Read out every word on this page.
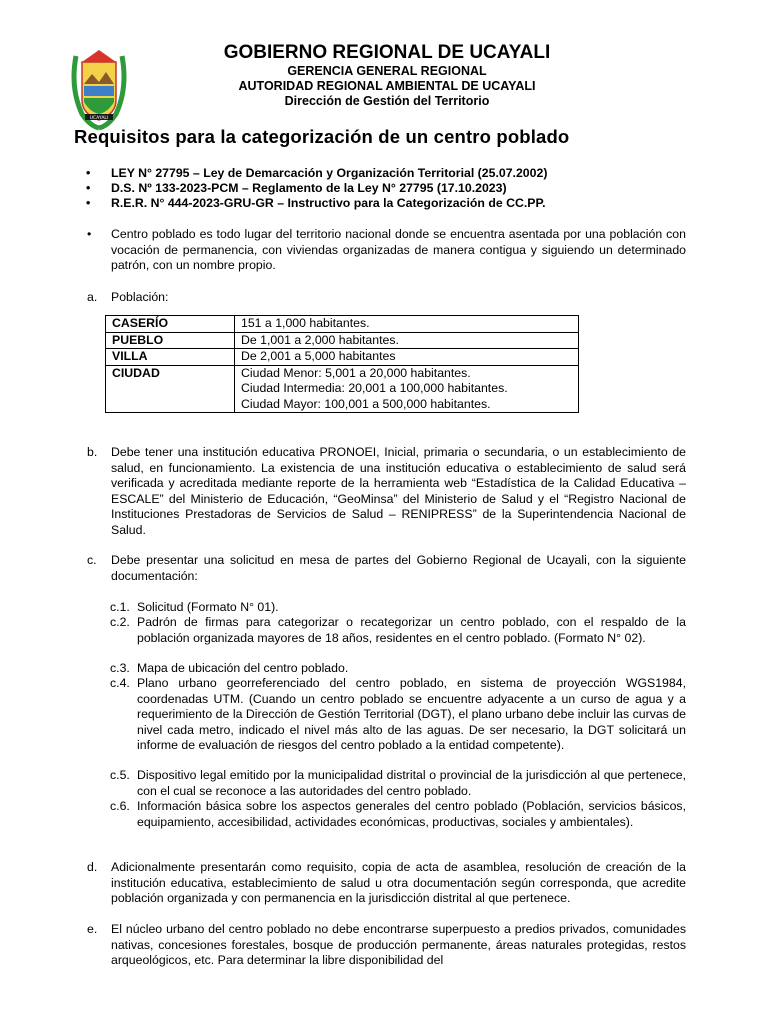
UCAYALI
GOBIERNO REGIONAL DE UCAYALI
GERENCIA GENERAL REGIONAL
AUTORIDAD REGIONAL AMBIENTAL DE UCAYALI
Dirección de Gestión del Territorio
Requisitos para la categorización de un centro poblado
• LEY N° 27795 – Ley de Demarcación y Organización Territorial (25.07.2002)
• D.S. Nº 133-2023-PCM – Reglamento de la Ley N° 27795 (17.10.2023)
• R.E.R. N° 444-2023-GRU-GR – Instructivo para la Categorización de CC.PP.
• Centro poblado es todo lugar del territorio nacional donde se encuentra asentada por una población con vocación de permanencia, con viviendas organizadas de manera contigua y siguiendo un determinado patrón, con un nombre propio.
a. Población:
CASERÍO	151 a 1,000 habitantes.
PUEBLO	De 1,001 a 2,000 habitantes.
VILLA	De 2,001 a 5,000 habitantes
CIUDAD	Ciudad Menor: 5,001 a 20,000 habitantes.
Ciudad Intermedia: 20,001 a 100,000 habitantes.
Ciudad Mayor: 100,001 a 500,000 habitantes.
b. Debe tener una institución educativa PRONOEI, Inicial, primaria o secundaria, o un establecimiento de salud, en funcionamiento. La existencia de una institución educativa o establecimiento de salud será verificada y acreditada mediante reporte de la herramienta web “Estadística de la Calidad Educativa – ESCALE” del Ministerio de Educación, “GeoMinsa” del Ministerio de Salud y el “Registro Nacional de Instituciones Prestadoras de Servicios de Salud – RENIPRESS” de la Superintendencia Nacional de Salud.
c. Debe presentar una solicitud en mesa de partes del Gobierno Regional de Ucayali, con la siguiente documentación:
c.1. Solicitud (Formato N° 01).
c.2. Padrón de firmas para categorizar o recategorizar un centro poblado, con el respaldo de la población organizada mayores de 18 años, residentes en el centro poblado. (Formato N° 02).
c.3. Mapa de ubicación del centro poblado.
c.4. Plano urbano georreferenciado del centro poblado, en sistema de proyección WGS1984, coordenadas UTM. (Cuando un centro poblado se encuentre adyacente a un curso de agua y a requerimiento de la Dirección de Gestión Territorial (DGT), el plano urbano debe incluir las curvas de nivel cada metro, indicado el nivel más alto de las aguas. De ser necesario, la DGT solicitará un informe de evaluación de riesgos del centro poblado a la entidad competente).
c.5. Dispositivo legal emitido por la municipalidad distrital o provincial de la jurisdicción al que pertenece, con el cual se reconoce a las autoridades del centro poblado.
c.6. Información básica sobre los aspectos generales del centro poblado (Población, servicios básicos, equipamiento, accesibilidad, actividades económicas, productivas, sociales y ambientales).
d. Adicionalmente presentarán como requisito, copia de acta de asamblea, resolución de creación de la institución educativa, establecimiento de salud u otra documentación según corresponda, que acredite población organizada y con permanencia en la jurisdicción distrital al que pertenece.
e. El núcleo urbano del centro poblado no debe encontrarse superpuesto a predios privados, comunidades nativas, concesiones forestales, bosque de producción permanente, áreas naturales protegidas, restos arqueológicos, etc. Para determinar la libre disponibilidad del
